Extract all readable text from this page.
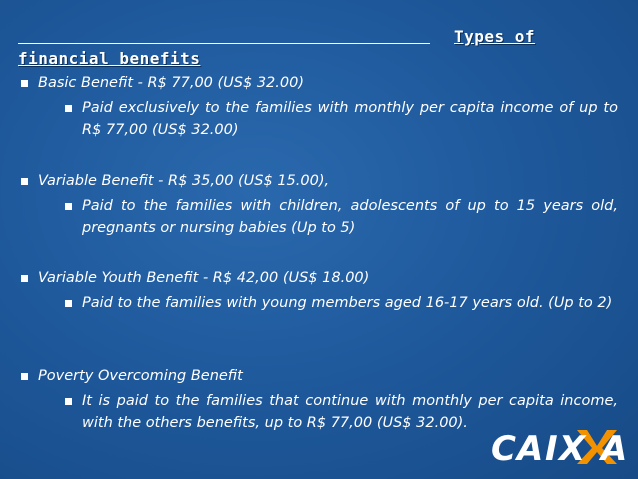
Types of
financial benefits
Basic Benefit - R$ 77,00 (US$ 32.00)
Paid exclusively to the families with monthly per capita income of up to R$ 77,00 (US$ 32.00)
Variable Benefit - R$ 35,00 (US$ 15.00),
Paid to the families with children, adolescents of up to 15 years old, pregnants or nursing babies (Up to 5)
Variable Youth Benefit - R$ 42,00 (US$ 18.00)
Paid to the families with young members aged 16-17 years old. (Up to 2)
Poverty Overcoming Benefit
It is paid to the families that continue with monthly per capita income, with the others benefits, up to R$ 77,00 (US$ 32.00).
C A I X A
